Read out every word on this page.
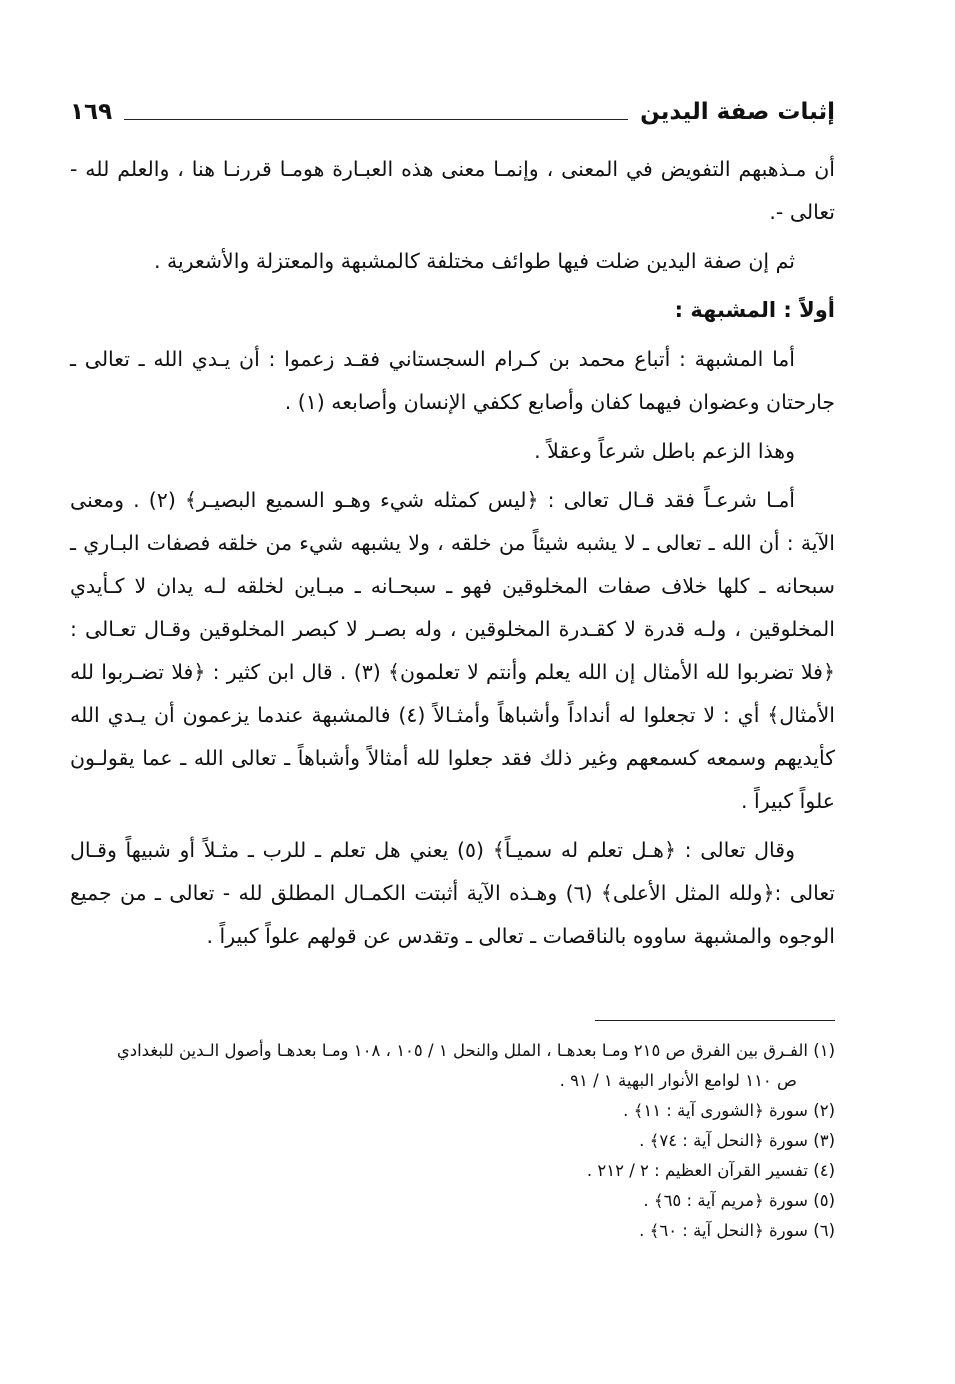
إثبات صفة اليدين
١٦٩

أن مـذهبهم التفويض في المعنى ، وإنمـا معنى هذه العبـارة هومـا قررنـا هنا ، والعلم لله - تعالى -.

ثم إن صفة اليدين ضلت فيها طوائف مختلفة كالمشبهة والمعتزلة والأشعرية .

أولاً : المشبهة :

أما المشبهة : أتباع محمد بن كـرام السجستاني فقـد زعموا : أن يـدي الله ـ تعالى ـ جارحتان وعضوان فيهما كفان وأصابع ككفي الإنسان وأصابعه (١) .

وهذا الزعم باطل شرعاً وعقلاً .

أمـا شرعـاً فقد قـال تعالى : ﴿ليس كمثله شيء وهـو السميع البصيـر﴾ (٢) . ومعنى الآية : أن الله ـ تعالى ـ لا يشبه شيئاً من خلقه ، ولا يشبهه شيء من خلقه فصفات البـاري ـ سبحانه ـ كلها خلاف صفات المخلوقين فهو ـ سبحـانه ـ مبـاين لخلقه لـه يدان لا كـأيدي المخلوقين ، ولـه قدرة لا كقـدرة المخلوقين ، وله بصـر لا كبصر المخلوقين وقـال تعـالى : ﴿فلا تضربوا لله الأمثال إن الله يعلم وأنتم لا تعلمون﴾ (٣) . قال ابن كثير : ﴿فلا تضـربوا لله الأمثال﴾ أي : لا تجعلوا له أنداداً وأشباهاً وأمثـالاً (٤) فالمشبهة عندما يزعمون أن يـدي الله كأيديهم وسمعه كسمعهم وغير ذلك فقد جعلوا لله أمثالاً وأشباهاً ـ تعالى الله ـ عما يقولـون علواً كبيراً .

وقال تعالى : ﴿هـل تعلم له سميـاً﴾ (٥) يعني هل تعلم ـ للرب ـ مثـلاً أو شبيهاً وقـال تعالى :﴿ولله المثل الأعلى﴾ (٦) وهـذه الآية أثبتت الكمـال المطلق لله - تعالى ـ من جميع الوجوه والمشبهة ساووه بالناقصات ـ تعالى ـ وتقدس عن قولهم علواً كبيراً .

(١) الفـرق بين الفرق ص ٢١٥ ومـا بعدهـا ، الملل والنحل ١ / ١٠٥ ، ١٠٨ ومـا بعدهـا وأصول الـدين للبغدادي
ص ١١٠ لوامع الأنوار البهية ١ / ٩١ .
(٢) سورة ﴿الشورى آية : ١١﴾ .
(٣) سورة ﴿النحل آية : ٧٤﴾ .
(٤) تفسير القرآن العظيم : ٢ / ٢١٢ .
(٥) سورة ﴿مريم آية : ٦٥﴾ .
(٦) سورة ﴿النحل آية : ٦٠﴾ .
